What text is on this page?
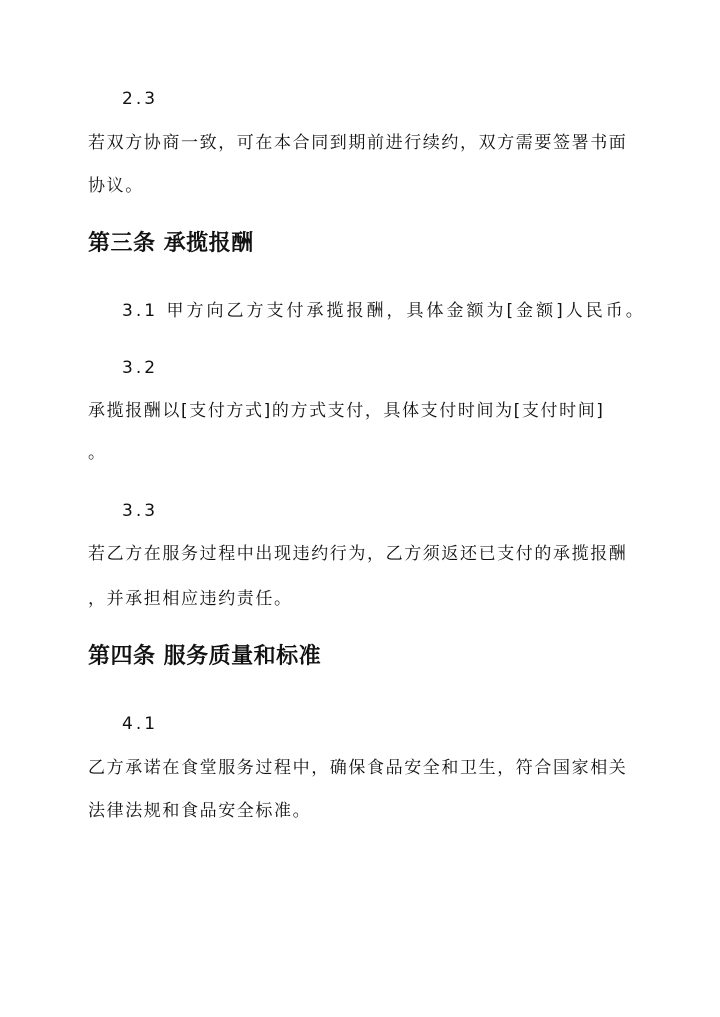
2.3
若双方协商一致，可在本合同到期前进行续约，双方需要签署书面
协议。
第三条 承揽报酬
3.1 甲方向乙方支付承揽报酬，具体金额为[金额]人民币。
3.2
承揽报酬以[支付方式]的方式支付，具体支付时间为[支付时间]
。
3.3
若乙方在服务过程中出现违约行为，乙方须返还已支付的承揽报酬
，并承担相应违约责任。
第四条 服务质量和标准
4.1
乙方承诺在食堂服务过程中，确保食品安全和卫生，符合国家相关
法律法规和食品安全标准。
